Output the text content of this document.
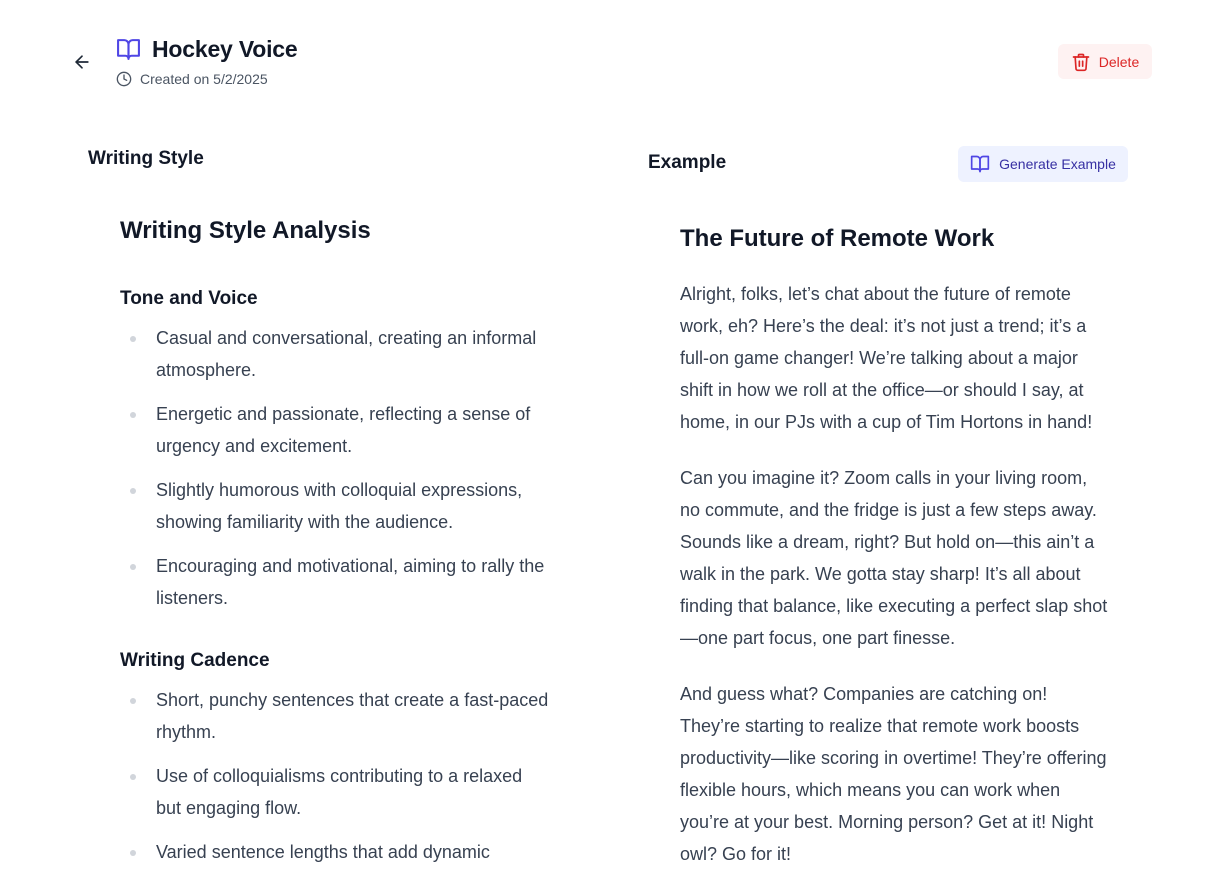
Hockey Voice
Created on 5/2/2025
Delete
Writing Style	Example	Generate Example
Writing Style Analysis
Tone and Voice
Casual and conversational, creating an informal atmosphere.
Energetic and passionate, reflecting a sense of urgency and excitement.
Slightly humorous with colloquial expressions, showing familiarity with the audience.
Encouraging and motivational, aiming to rally the listeners.
Writing Cadence
Short, punchy sentences that create a fast-paced rhythm.
Use of colloquialisms contributing to a relaxed but engaging flow.
Varied sentence lengths that add dynamic
The Future of Remote Work

Alright, folks, let’s chat about the future of remote work, eh? Here’s the deal: it’s not just a trend; it’s a full-on game changer! We’re talking about a major shift in how we roll at the office—or should I say, at home, in our PJs with a cup of Tim Hortons in hand!

Can you imagine it? Zoom calls in your living room, no commute, and the fridge is just a few steps away. Sounds like a dream, right? But hold on—this ain’t a walk in the park. We gotta stay sharp! It’s all about finding that balance, like executing a perfect slap shot—one part focus, one part finesse.

And guess what? Companies are catching on! They’re starting to realize that remote work boosts productivity—like scoring in overtime! They’re offering flexible hours, which means you can work when you’re at your best. Morning person? Get at it! Night owl? Go for it!
